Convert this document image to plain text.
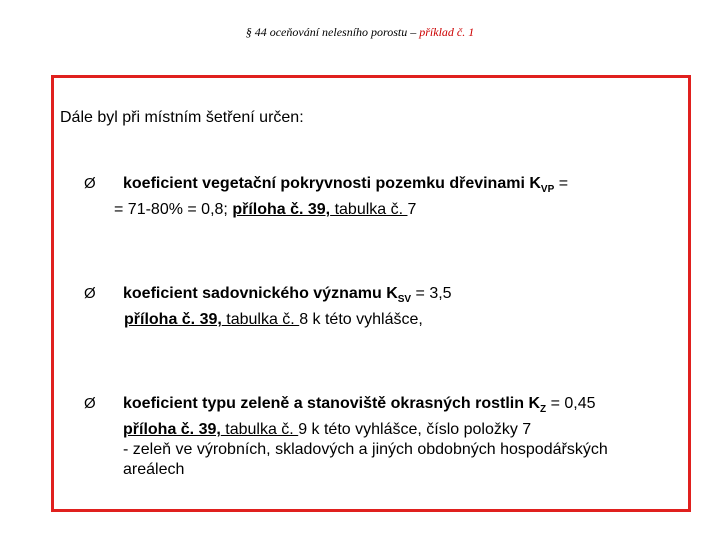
§ 44 oceňování nelesního porostu – příklad č. 1
Dále byl při místním šetření určen:
Ø koeficient vegetační pokryvnosti pozemku dřevinami $K_{VP}$ =
= 71-80% = 0,8; příloha č. 39, tabulka č. 7
Ø koeficient sadovnického významu $K_{SV} = 3,5$
příloha č. 39, tabulka č. 8 k této vyhlášce,
Ø koeficient typu zeleně a stanoviště okrasných rostlin $K_Z = 0,45$
příloha č. 39, tabulka č. 9 k této vyhlášce, číslo položky 7
- zeleň ve výrobních, skladových a jiných obdobných hospodářských
areálech
